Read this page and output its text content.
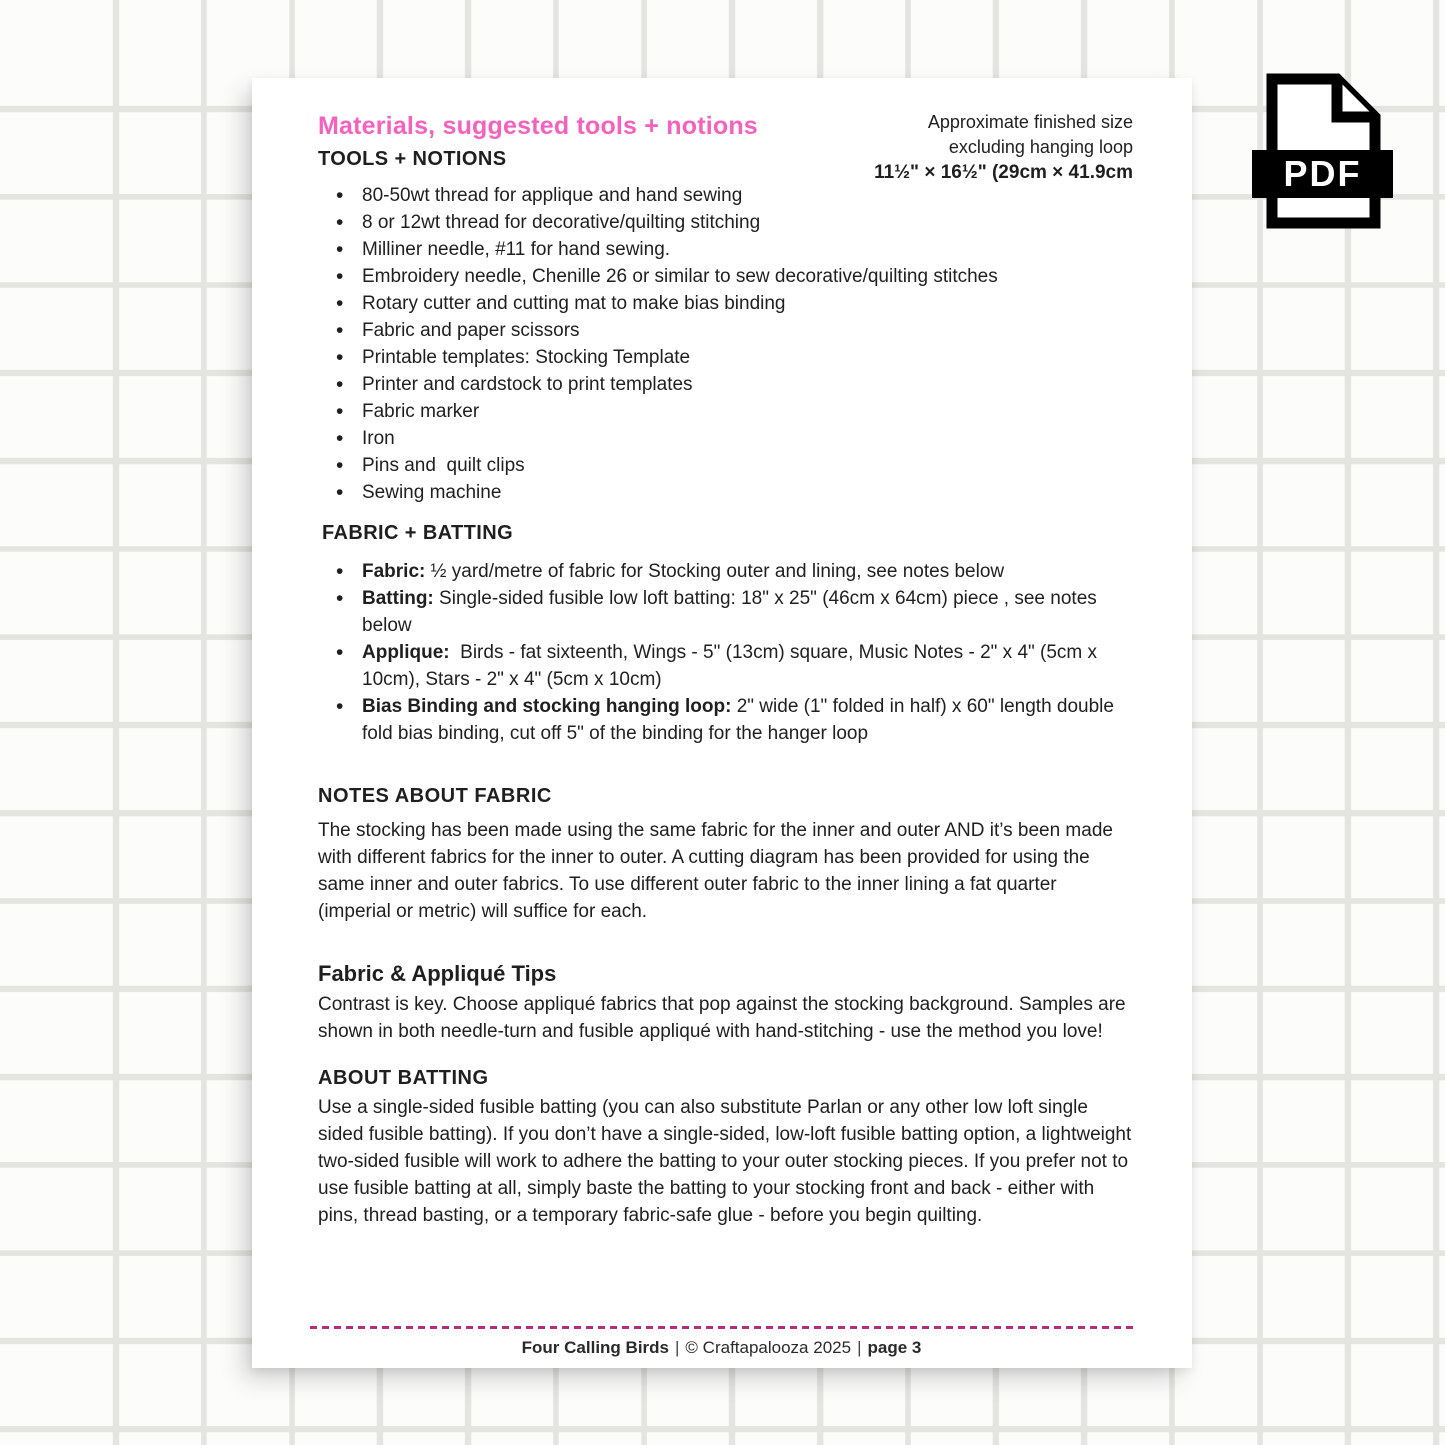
Approximate finished size
excluding hanging loop
11½" × 16½" (29cm × 41.9cm
Materials, suggested tools + notions
TOOLS + NOTIONS
• 80-50wt thread for applique and hand sewing
• 8 or 12wt thread for decorative/quilting stitching
• Milliner needle, #11 for hand sewing.
• Embroidery needle, Chenille 26 or similar to sew decorative/quilting stitches
• Rotary cutter and cutting mat to make bias binding
• Fabric and paper scissors
• Printable templates: Stocking Template
• Printer and cardstock to print templates
• Fabric marker
• Iron
• Pins and  quilt clips
• Sewing machine
FABRIC + BATTING
• Fabric: ½ yard/metre of fabric for Stocking outer and lining, see notes below
• Batting: Single-sided fusible low loft batting: 18" x 25" (46cm x 64cm) piece , see notes below
• Applique:  Birds - fat sixteenth, Wings - 5" (13cm) square, Music Notes - 2" x 4" (5cm x 10cm), Stars - 2" x 4" (5cm x 10cm)
• Bias Binding and stocking hanging loop: 2" wide (1" folded in half) x 60" length double fold bias binding, cut off 5" of the binding for the hanger loop
NOTES ABOUT FABRIC

The stocking has been made using the same fabric for the inner and outer AND it’s been made with different fabrics for the inner to outer. A cutting diagram has been provided for using the same inner and outer fabrics. To use different outer fabric to the inner lining a fat quarter (imperial or metric) will suffice for each.

Fabric & Appliqué Tips

Contrast is key. Choose appliqué fabrics that pop against the stocking background. Samples are shown in both needle-turn and fusible appliqué with hand-stitching - use the method you love!

ABOUT BATTING

Use a single-sided fusible batting (you can also substitute Parlan or any other low loft single sided fusible batting). If you don’t have a single-sided, low-loft fusible batting option, a lightweight two-sided fusible will work to adhere the batting to your outer stocking pieces. If you prefer not to use fusible batting at all, simply baste the batting to your stocking front and back - either with pins, thread basting, or a temporary fabric-safe glue - before you begin quilting.

Four Calling Birds | © Craftapalooza 2025 | page 3
PDF
